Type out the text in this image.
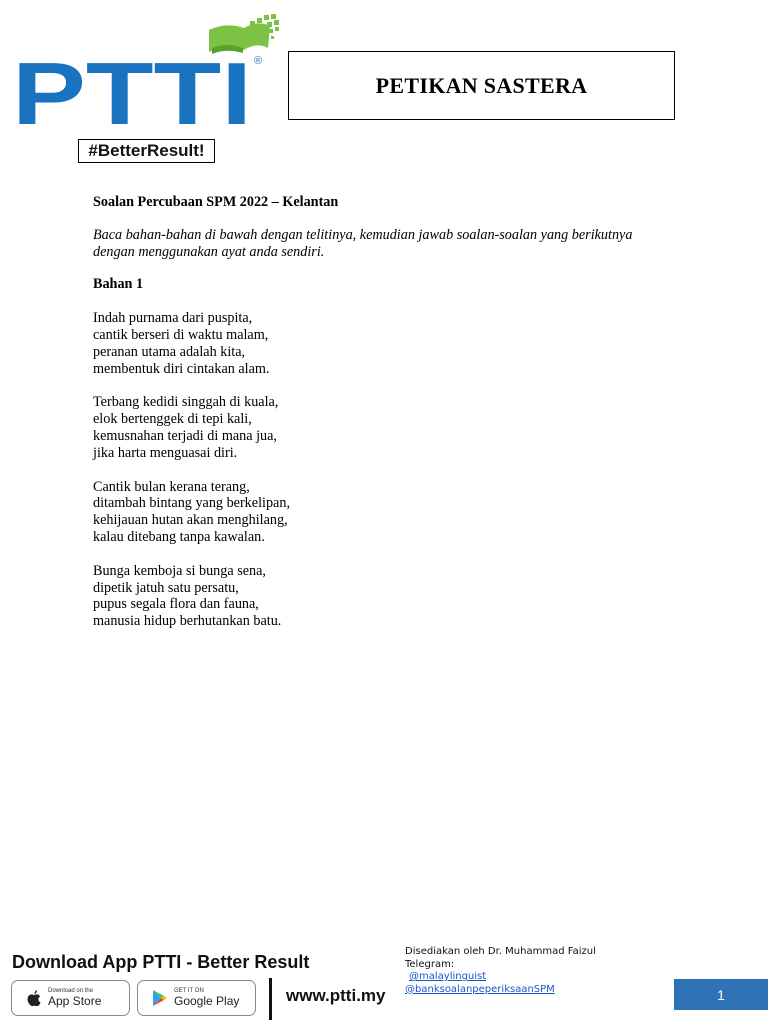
PTTI ®
#BetterResult!
PETIKAN SASTERA
Soalan Percubaan SPM 2022 – Kelantan
Baca bahan-bahan di bawah dengan telitinya, kemudian jawab soalan-soalan yang berikutnya
dengan menggunakan ayat anda sendiri.
Bahan 1
Indah purnama dari puspita,
cantik berseri di waktu malam,
peranan utama adalah kita,
membentuk diri cintakan alam.
Terbang kedidi singgah di kuala,
elok bertenggek di tepi kali,
kemusnahan terjadi di mana jua,
jika harta menguasai diri.
Cantik bulan kerana terang,
ditambah bintang yang berkelipan,
kehijauan hutan akan menghilang,
kalau ditebang tanpa kawalan.
Bunga kemboja si bunga sena,
dipetik jatuh satu persatu,
pupus segala flora dan fauna,
manusia hidup berhutankan batu.
Download App PTTI - Better Result
Download on the
App Store
GET IT ON
Google Play	www.ptti.my
Disediakan oleh Dr. Muhammad Faizul
Telegram:
@malaylinguist
@banksoalanpeperiksaanSPM	1
